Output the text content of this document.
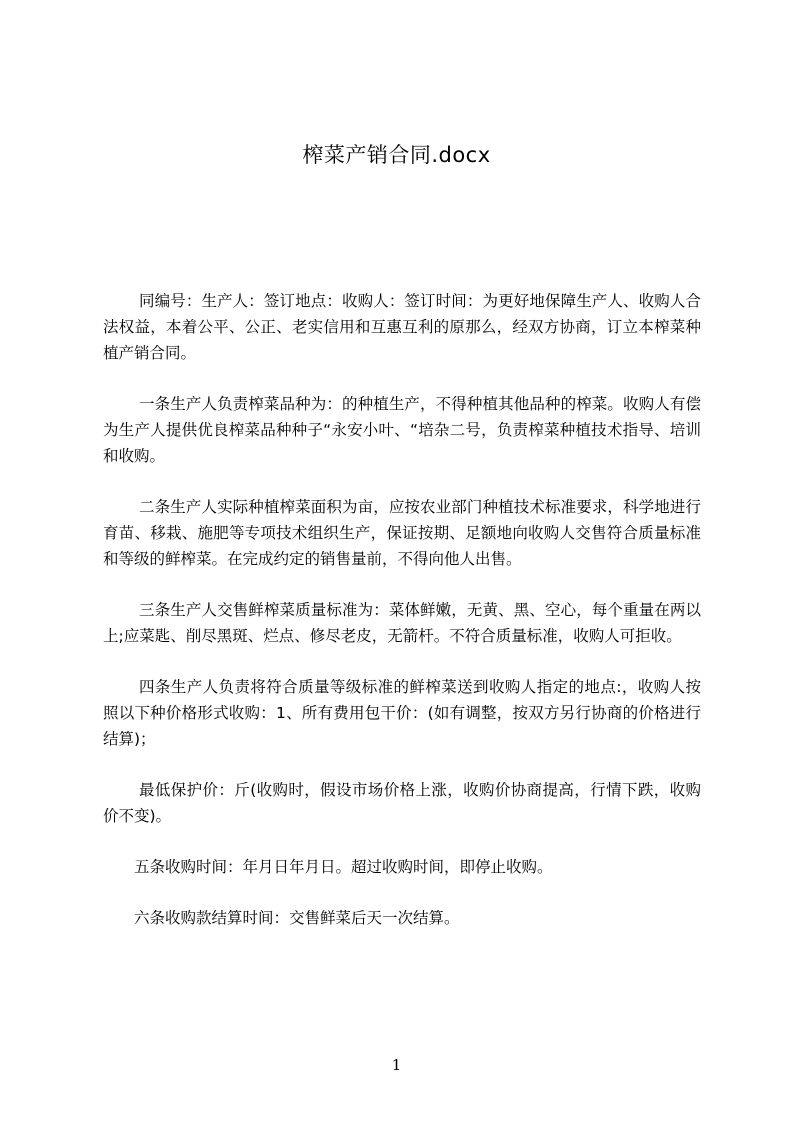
榨菜产销合同.docx

同编号：生产人：签订地点：收购人：签订时间：为更好地保障生产人、收购人合法权益，本着公平、公正、老实信用和互惠互利的原那么，经双方协商，订立本榨菜种植产销合同。

一条生产人负责榨菜品种为：的种植生产，不得种植其他品种的榨菜。收购人有偿为生产人提供优良榨菜品种种子“永安小叶、“培杂二号，负责榨菜种植技术指导、培训和收购。

二条生产人实际种植榨菜面积为亩，应按农业部门种植技术标准要求，科学地进行育苗、移栽、施肥等专项技术组织生产，保证按期、足额地向收购人交售符合质量标准和等级的鲜榨菜。在完成约定的销售量前，不得向他人出售。

三条生产人交售鲜榨菜质量标准为：菜体鲜嫩，无黄、黑、空心，每个重量在两以上;应菜匙、削尽黑斑、烂点、修尽老皮，无箭杆。不符合质量标准，收购人可拒收。

四条生产人负责将符合质量等级标准的鲜榨菜送到收购人指定的地点:，收购人按照以下种价格形式收购：1、所有费用包干价：(如有调整，按双方另行协商的价格进行结算)；

最低保护价：斤(收购时，假设市场价格上涨，收购价协商提高，行情下跌，收购价不变)。

五条收购时间：年月日年月日。超过收购时间，即停止收购。

六条收购款结算时间：交售鲜菜后天一次结算。

1
